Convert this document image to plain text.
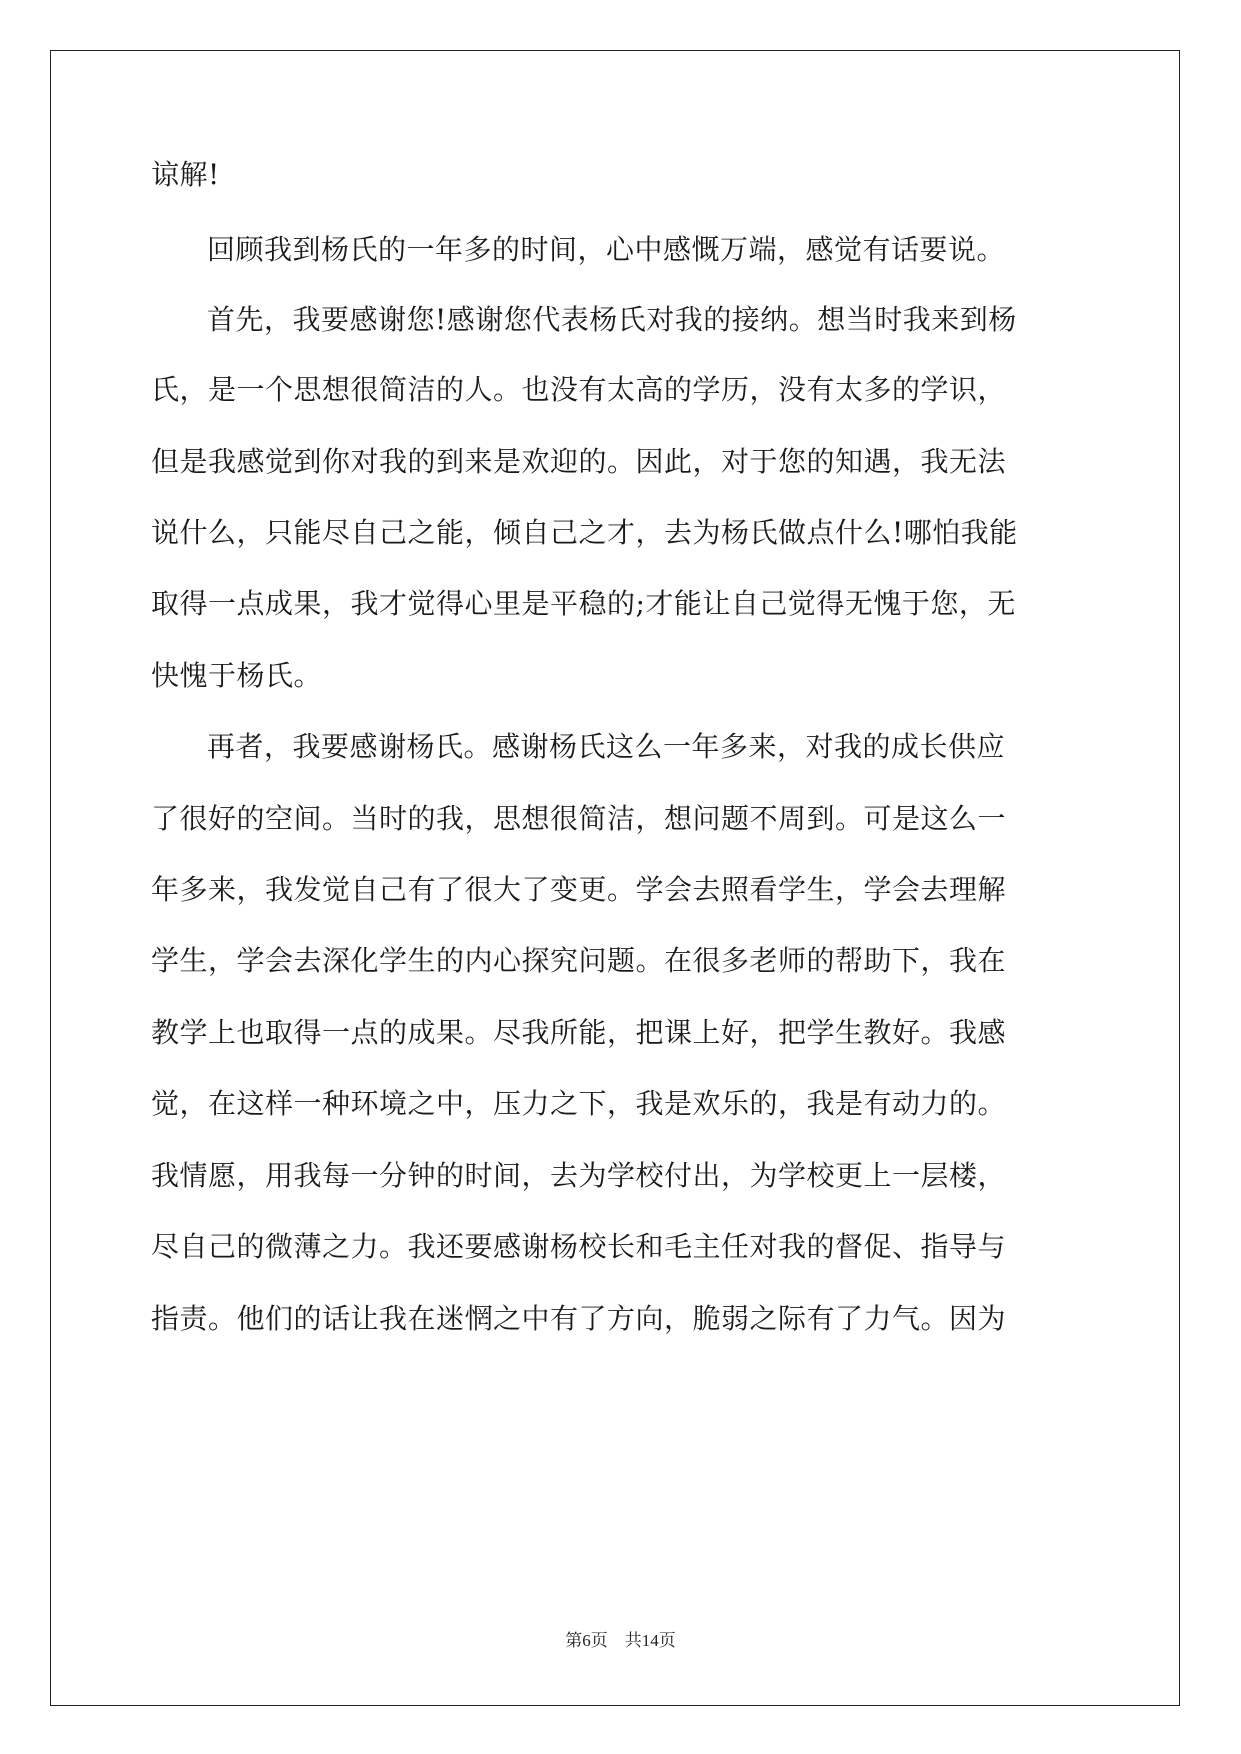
谅解!
回顾我到杨氏的一年多的时间，心中感慨万端，感觉有话要说。
首先，我要感谢您!感谢您代表杨氏对我的接纳。想当时我来到杨
氏，是一个思想很简洁的人。也没有太高的学历，没有太多的学识，
但是我感觉到你对我的到来是欢迎的。因此，对于您的知遇，我无法
说什么，只能尽自己之能，倾自己之才，去为杨氏做点什么!哪怕我能
取得一点成果，我才觉得心里是平稳的;才能让自己觉得无愧于您，无
快愧于杨氏。
再者，我要感谢杨氏。感谢杨氏这么一年多来，对我的成长供应
了很好的空间。当时的我，思想很简洁，想问题不周到。可是这么一
年多来，我发觉自己有了很大了变更。学会去照看学生，学会去理解
学生，学会去深化学生的内心探究问题。在很多老师的帮助下，我在
教学上也取得一点的成果。尽我所能，把课上好，把学生教好。我感
觉，在这样一种环境之中，压力之下，我是欢乐的，我是有动力的。
我情愿，用我每一分钟的时间，去为学校付出，为学校更上一层楼，
尽自己的微薄之力。我还要感谢杨校长和毛主任对我的督促、指导与
指责。他们的话让我在迷惘之中有了方向，脆弱之际有了力气。因为
第6页　共14页
